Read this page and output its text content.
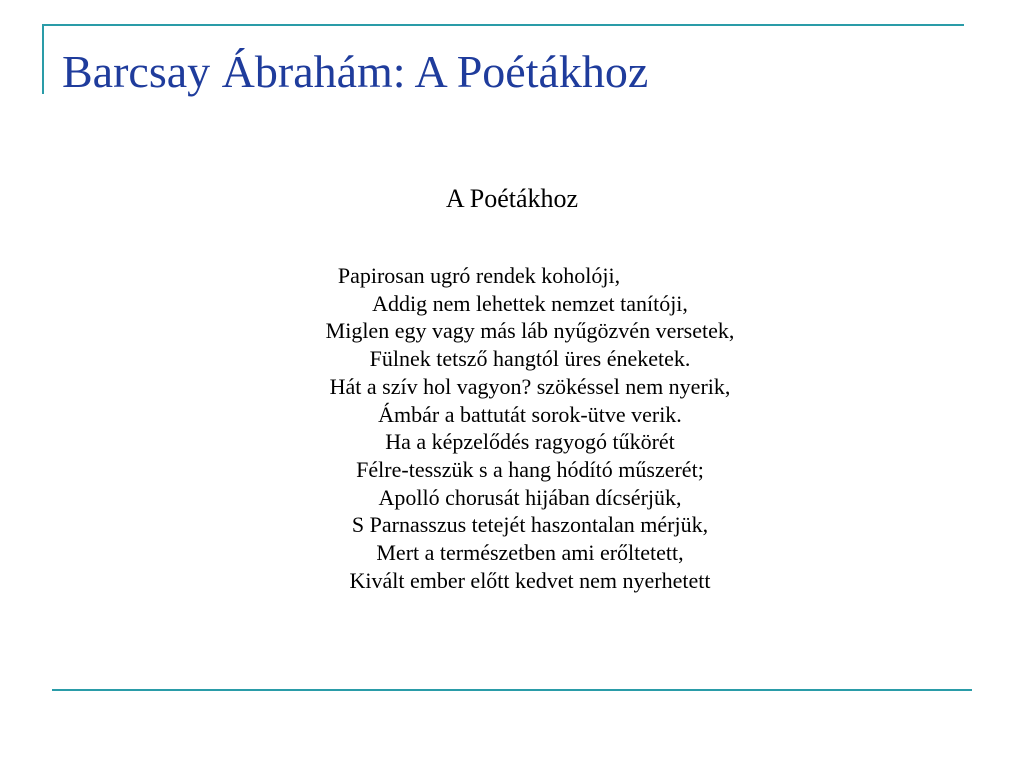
Barcsay Ábrahám: A Poétákhoz
A Poétákhoz
Papirosan ugró rendek koholóji,
Addig nem lehettek nemzet tanítóji,
Miglen egy vagy más láb nyűgözvén versetek,
Fülnek tetsző hangtól üres éneketek.
Hát a szív hol vagyon? szökéssel nem nyerik,
Ámbár a battutát sorok-ütve verik.
Ha a képzelődés ragyogó tűkörét
Félre-tesszük s a hang hódító műszerét;
Apolló chorusát hijában dícsérjük,
S Parnasszus tetejét haszontalan mérjük,
Mert a természetben ami erőltetett,
Kivált ember előtt kedvet nem nyerhetett
